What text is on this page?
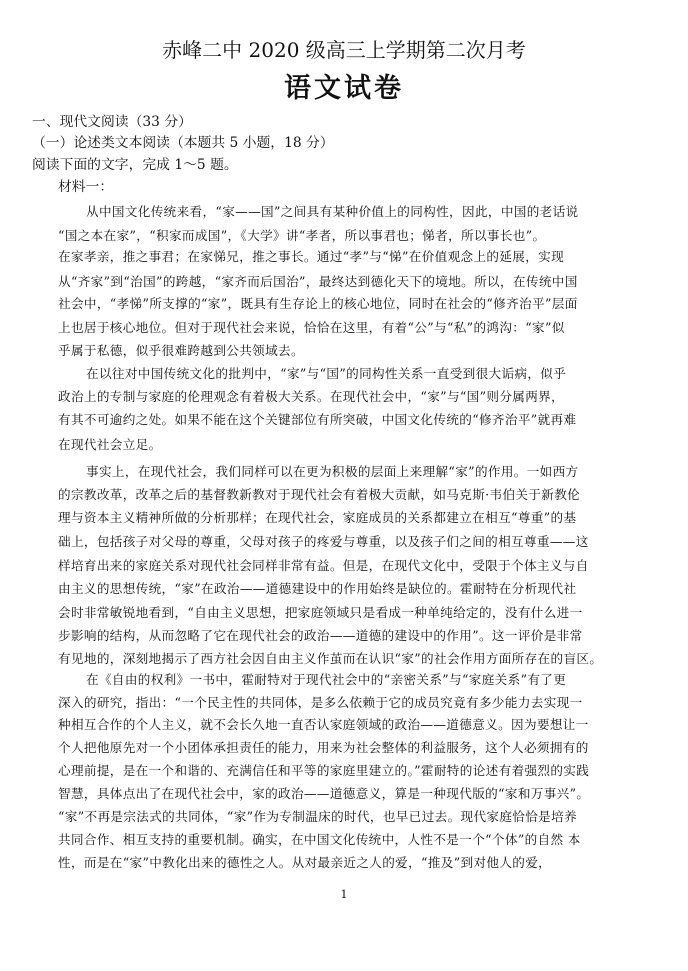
赤峰二中 2020 级高三上学期第二次月考
语文试卷
一、现代文阅读（33 分）
（一）论述类文本阅读（本题共 5 小题，18 分）
阅读下面的文字，完成 1～5 题。
材料一：
从中国文化传统来看，“家——国”之间具有某种价值上的同构性，因此，中国的老话说
“国之本在家”，“积家而成国”，《大学》讲“孝者，所以事君也；悌者，所以事长也”。
在家孝亲，推之事君；在家悌兄，推之事长。通过“孝”与“悌”在价值观念上的延展，实现
从“齐家”到“治国”的跨越，“家齐而后国治”，最终达到德化天下的境地。所以，在传统中国
社会中，“孝悌”所支撑的“家”，既具有生存论上的核心地位，同时在社会的“修齐治平”层面
上也居于核心地位。但对于现代社会来说，恰恰在这里，有着“公”与“私”的鸿沟：“家”似
乎属于私德，似乎很难跨越到公共领域去。
在以往对中国传统文化的批判中，“家”与“国”的同构性关系一直受到很大诟病，似乎
政治上的专制与家庭的伦理观念有着极大关系。在现代社会中，“家”与“国”则分属两界，
有其不可逾约之处。如果不能在这个关键部位有所突破，中国文化传统的“修齐治平”就再难
在现代社会立足。
事实上，在现代社会，我们同样可以在更为积极的层面上来理解“家”的作用。一如西方
的宗教改革，改革之后的基督教新教对于现代社会有着极大贡献，如马克斯·韦伯关于新教伦
理与资本主义精神所做的分析那样；在现代社会，家庭成员的关系都建立在相互“尊重”的基
础上，包括孩子对父母的尊重，父母对孩子的疼爱与尊重，以及孩子们之间的相互尊重——这
样培育出来的家庭关系对现代社会同样非常有益。但是，在现代文化中，受限于个体主义与自
由主义的思想传统，“家”在政治——道德建设中的作用始终是缺位的。霍耐特在分析现代社
会时非常敏锐地看到，“自由主义思想，把家庭领域只是看成一种单纯给定的，没有什么进一
步影响的结构，从而忽略了它在现代社会的政治——道德的建设中的作用”。这一评价是非常
有见地的，深刻地揭示了西方社会因自由主义作茧而在认识“家”的社会作用方面所存在的盲区。
在《自由的权利》一书中，霍耐特对于现代社会中的“亲密关系”与“家庭关系”有了更
深入的研究，指出：“一个民主性的共同体，是多么依赖于它的成员究竟有多少能力去实现一
种相互合作的个人主义，就不会长久地一直否认家庭领域的政治——道德意义。因为要想让一
个人把他原先对一个小团体承担责任的能力，用来为社会整体的利益服务，这个人必须拥有的
心理前提，是在一个和谐的、充满信任和平等的家庭里建立的。”霍耐特的论述有着强烈的实践
智慧，具体点出了在现代社会中，家的政治——道德意义，算是一种现代版的“家和万事兴”。
“家”不再是宗法式的共同体，“家”作为专制温床的时代，也早已过去。现代家庭恰恰是培养
共同合作、相互支持的重要机制。确实，在中国文化传统中，人性不是一个“个体”的自然 本
性，而是在“家”中教化出来的德性之人。从对最亲近之人的爱，“推及”到对他人的爱，
1
